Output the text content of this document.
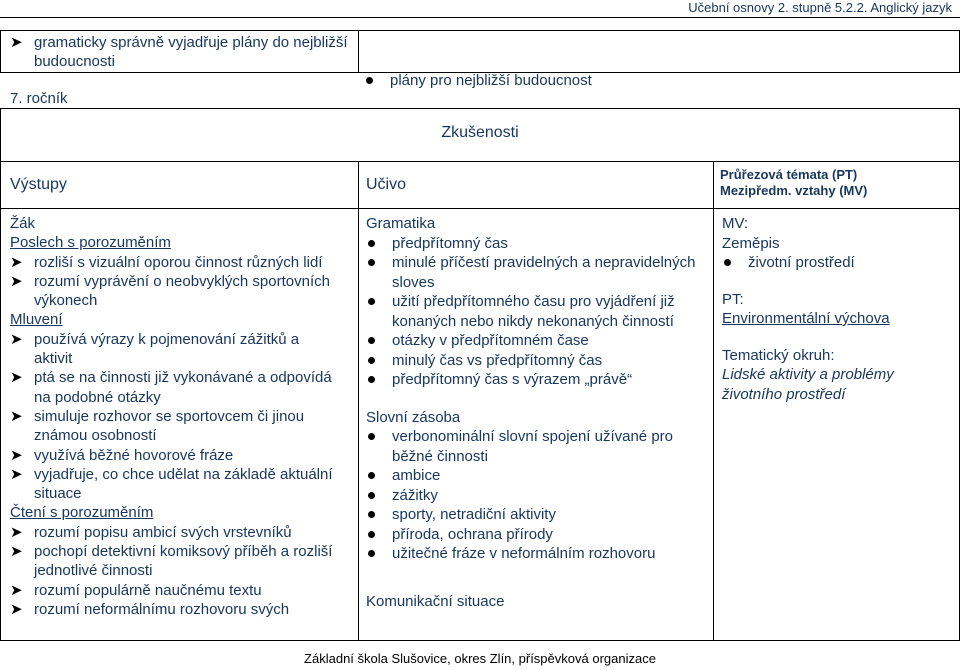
Učební osnovy 2. stupně 5.2.2. Anglický jazyk
➤ gramaticky správně vyjadřuje plány do nejbližší budoucnosti
plány pro nejbližší budoucnost
7. ročník
Zkušenosti
Výstupy	Učivo
Průřezová témata (PT)
Mezipředm. vztahy (MV)
Žák
Poslech s porozuměním
➤ rozliší s vizuální oporou činnost různých lidí
➤ rozumí vyprávění o neobvyklých sportovních výkonech
Mluvení
➤ používá výrazy k pojmenování zážitků a aktivit
➤ ptá se na činnosti již vykonávané a odpovídá na podobné otázky
➤ simuluje rozhovor se sportovcem či jinou známou osobností
➤ využívá běžné hovorové fráze
➤ vyjadřuje, co chce udělat na základě aktuální situace
Čtení s porozuměním
➤ rozumí popisu ambicí svých vrstevníků
➤ pochopí detektivní komiksový příběh a rozliší jednotlivé činnosti
➤ rozumí populárně naučnému textu
➤ rozumí neformálnímu rozhovoru svých
Gramatika
předpřítomný čas
minulé příčestí pravidelných a nepravidelných sloves
užití předpřítomného času pro vyjádření již konaných nebo nikdy nekonaných činností
otázky v předpřítomném čase
minulý čas vs předpřítomný čas
předpřítomný čas s výrazem „právě“
Slovní zásoba
verbonominální slovní spojení užívané pro běžné činnosti
ambice
zážitky
sporty, netradiční aktivity
příroda, ochrana přírody
užitečné fráze v neformálním rozhovoru
Komunikační situace
MV:
Zeměpis
životní prostředí
PT:
Environmentální výchova
Tematický okruh:
Lidské aktivity a problémy životního prostředí
Základní škola Slušovice, okres Zlín, příspěvková organizace
